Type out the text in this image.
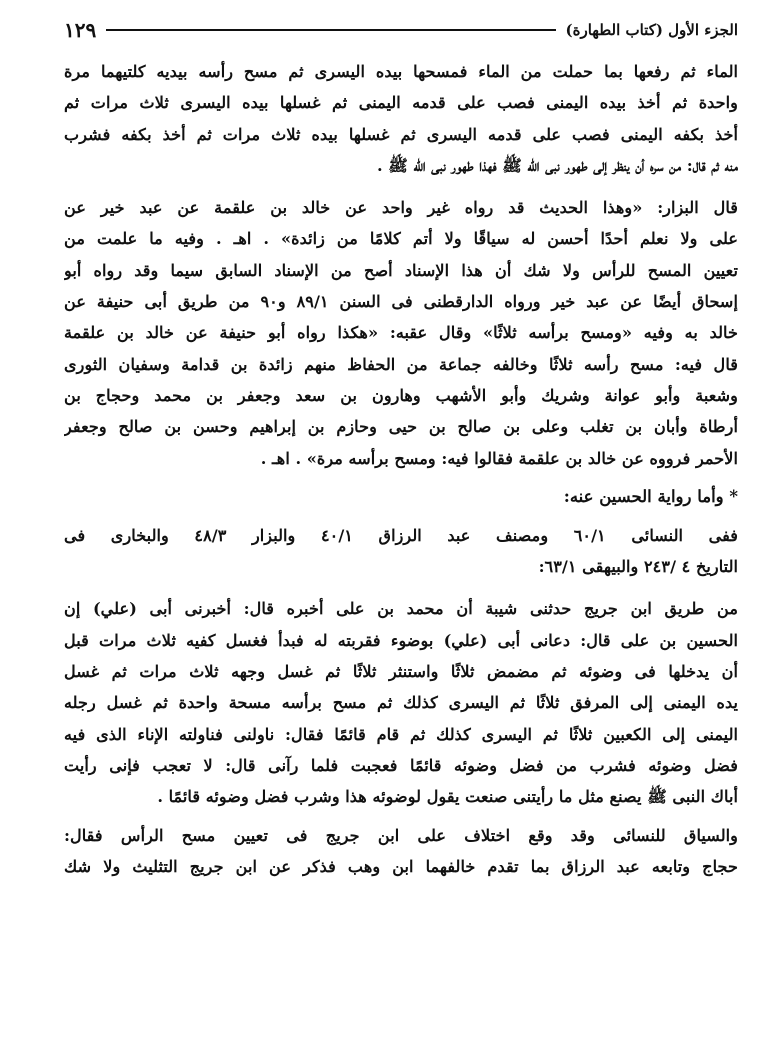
الجزء الأول (كتاب الطهارة)
١٢٩

الماء ثم رفعها بما حملت من الماء فمسحها بيده اليسرى ثم مسح رأسه بيديه كلتيهما مرة
واحدة ثم أخذ بيده اليمنى فصب على قدمه اليمنى ثم غسلها بيده اليسرى ثلاث مرات ثم
أخذ بكفه اليمنى فصب على قدمه اليسرى ثم غسلها بيده ثلاث مرات ثم أخذ بكفه فشرب
منه ثم قال: من سره أن ينظر إلى طهور نبى الله ﷺ فهذا طهور نبى الله ﷺ .

قال البزار: «وهذا الحديث قد رواه غير واحد عن خالد بن علقمة عن عبد خير عن
على ولا نعلم أحدًا أحسن له سياقًا ولا أتم كلامًا من زائدة» . اهـ . وفيه ما علمت من
تعيين المسح للرأس ولا شك أن هذا الإسناد أصح من الإسناد السابق سيما وقد رواه أبو
إسحاق أيضًا عن عبد خير ورواه الدارقطنى فى السنن ٨٩/١ و٩٠ من طريق أبى حنيفة عن
خالد به وفيه «ومسح برأسه ثلاثًا» وقال عقبه: «هكذا رواه أبو حنيفة عن خالد بن علقمة
قال فيه: مسح رأسه ثلاثًا وخالفه جماعة من الحفاظ منهم زائدة بن قدامة وسفيان الثورى
وشعبة وأبو عوانة وشريك وأبو الأشهب وهارون بن سعد وجعفر بن محمد وحجاج بن
أرطاة وأبان بن تغلب وعلى بن صالح بن حيى وحازم بن إبراهيم وحسن بن صالح وجعفر
الأحمر فرووه عن خالد بن علقمة فقالوا فيه: ومسح برأسه مرة» . اهـ .

* وأما رواية الحسين عنه:

ففى النسائى ٦٠/١ ومصنف عبد الرزاق ٤٠/١ والبزار ٤٨/٣ والبخارى فى
التاريخ ٤ /٢٤٣ والبيهقى ٦٣/١:

من طريق ابن جريج حدثنى شيبة أن محمد بن على أخبره قال: أخبرنى أبى (علي) إن
الحسين بن على قال: دعانى أبى (علي) بوضوء فقربته له فبدأ فغسل كفيه ثلاث مرات قبل
أن يدخلها فى وضوئه ثم مضمض ثلاثًا واستنثر ثلاثًا ثم غسل وجهه ثلاث مرات ثم غسل
يده اليمنى إلى المرفق ثلاثًا ثم اليسرى كذلك ثم مسح برأسه مسحة واحدة ثم غسل رجله
اليمنى إلى الكعبين ثلاثًا ثم اليسرى كذلك ثم قام قائمًا فقال: ناولنى فناولته الإناء الذى فيه
فضل وضوئه فشرب من فضل وضوئه قائمًا فعجبت فلما رآنى قال: لا تعجب فإنى رأيت
أباك النبى ﷺ يصنع مثل ما رأيتنى صنعت يقول لوضوئه هذا وشرب فضل وضوئه قائمًا .

والسياق للنسائى وقد وقع اختلاف على ابن جريج فى تعيين مسح الرأس فقال:
حجاج وتابعه عبد الرزاق بما تقدم خالفهما ابن وهب فذكر عن ابن جريج التثليث ولا شك
